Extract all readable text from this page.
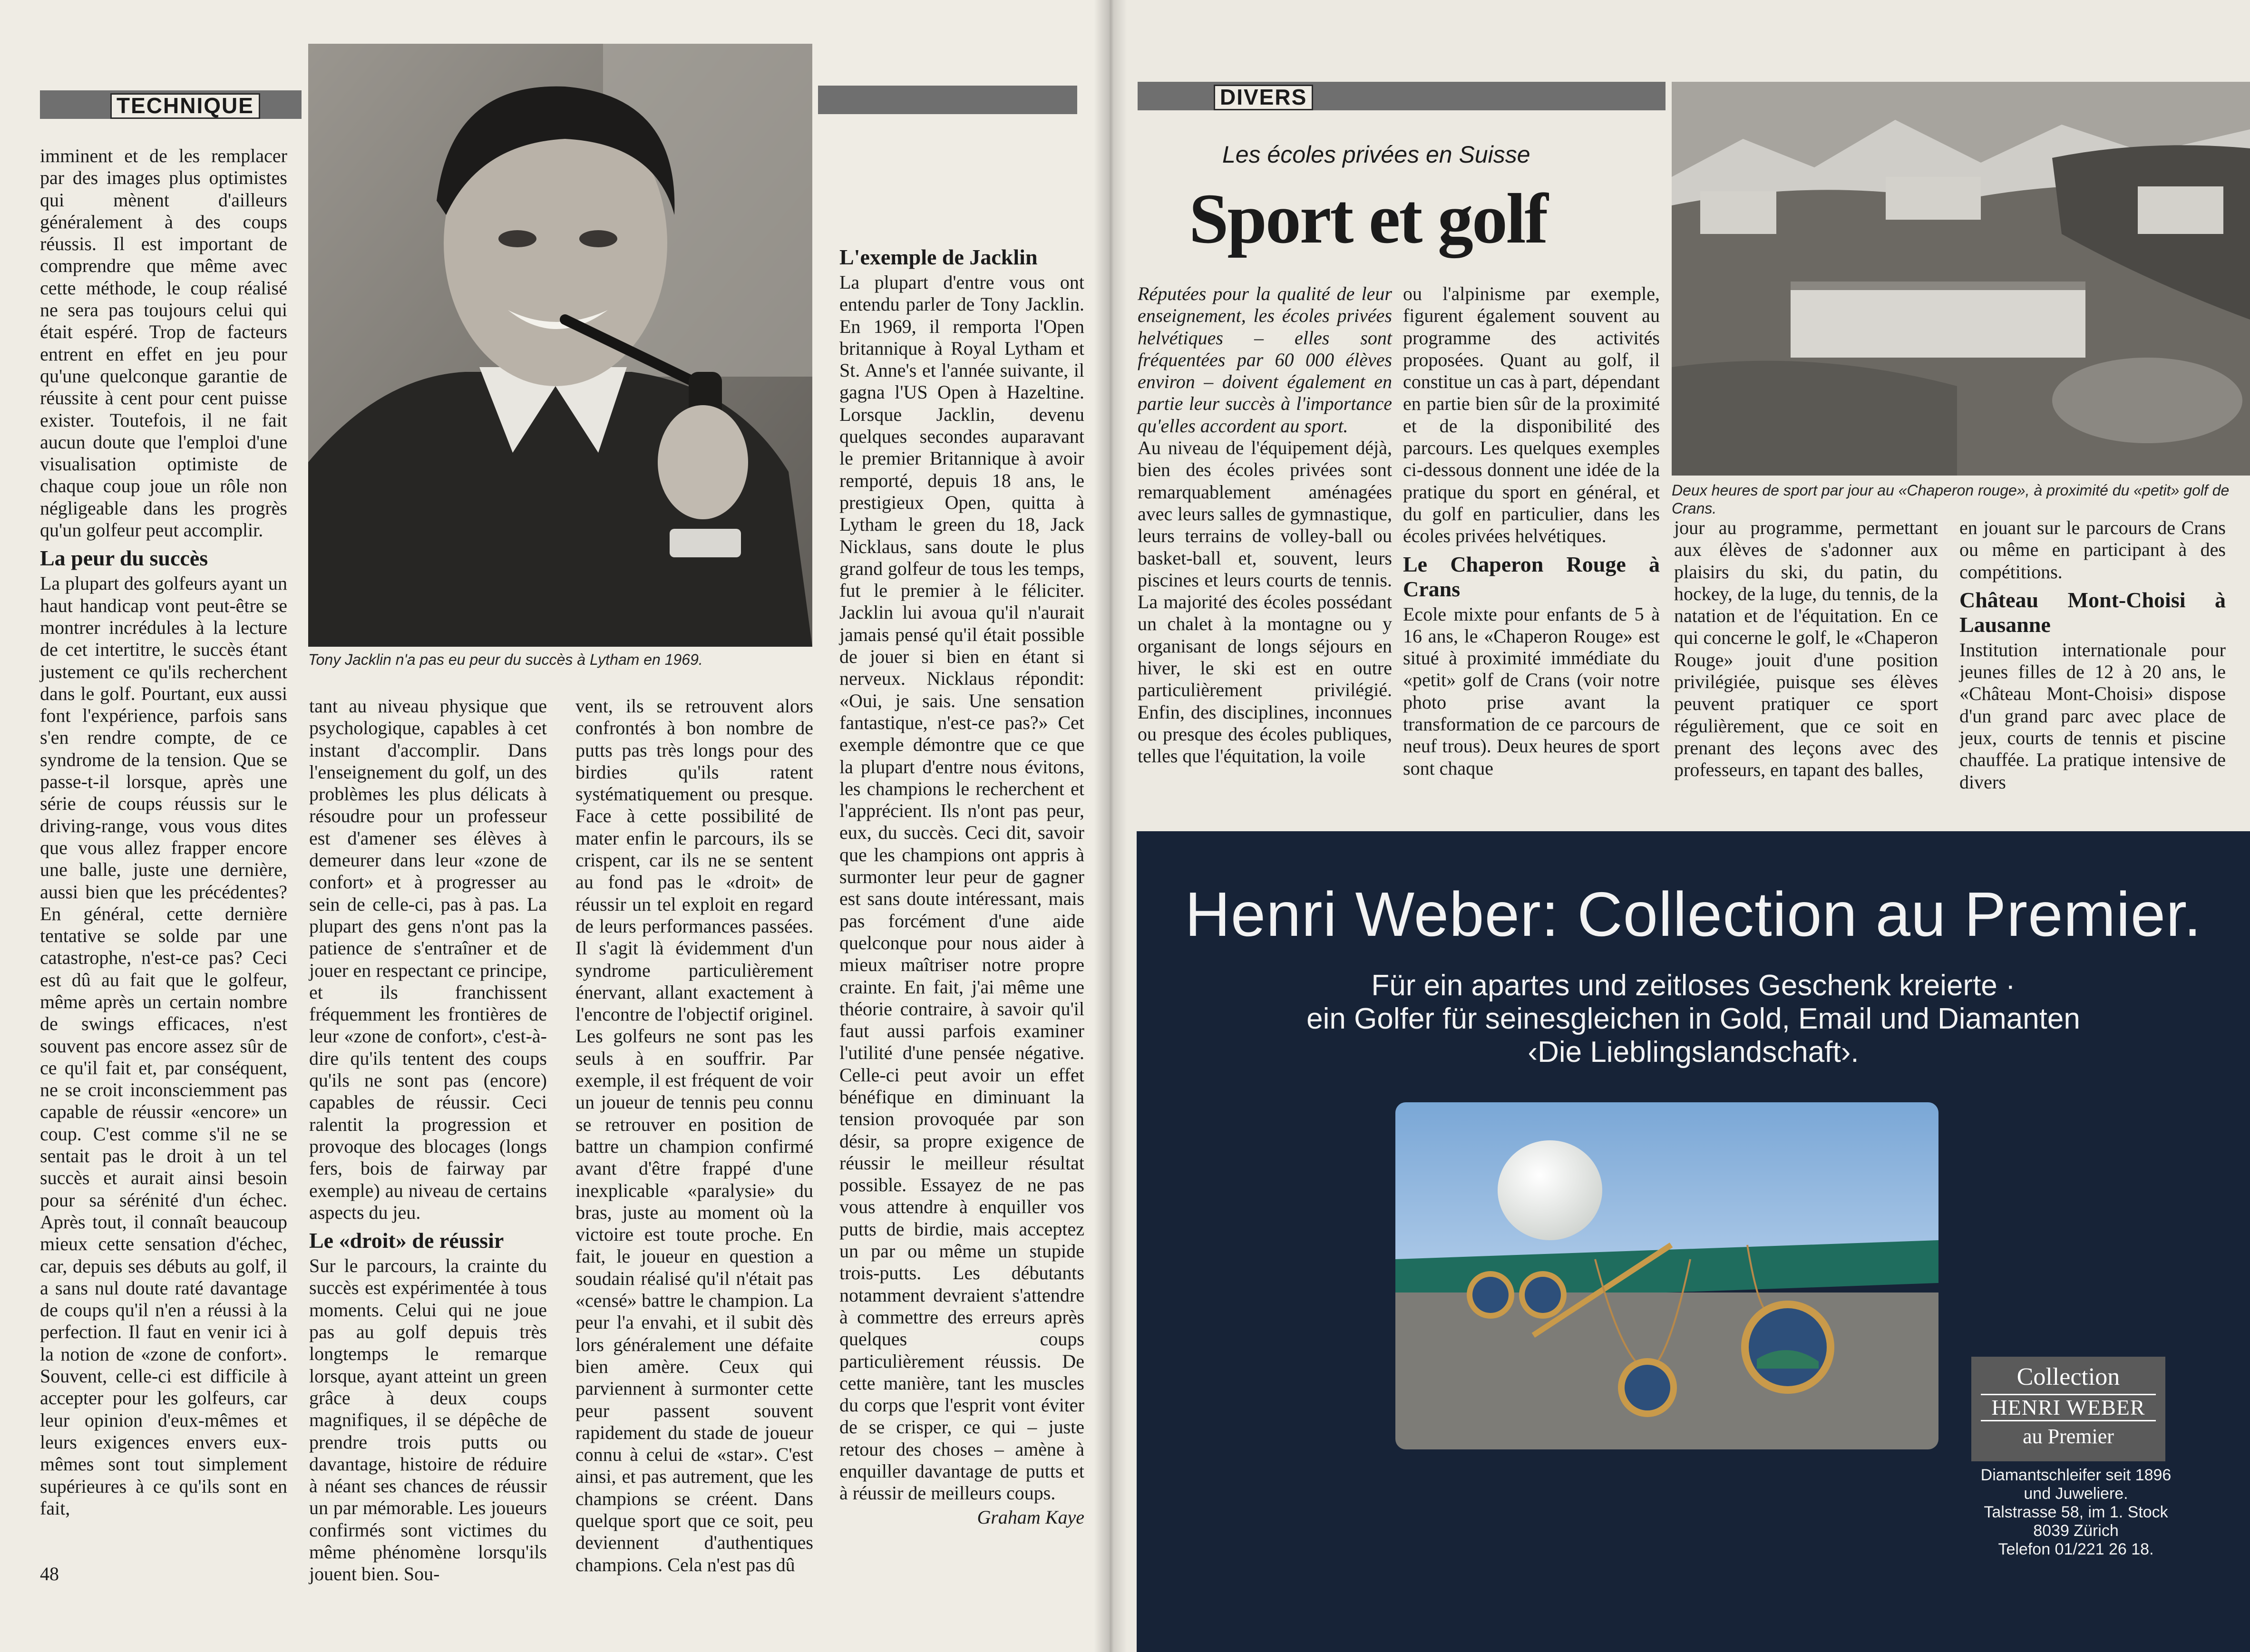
TECHNIQUE

imminent et de les remplacer par des images plus optimistes qui mènent d'ailleurs généralement à des coups réussis. Il est important de comprendre que même avec cette méthode, le coup réalisé ne sera pas toujours celui qui était espéré. Trop de facteurs entrent en effet en jeu pour qu'une quelconque garantie de réussite à cent pour cent puisse exister. Toutefois, il ne fait aucun doute que l'emploi d'une visualisation optimiste de chaque coup joue un rôle non négligeable dans les progrès qu'un golfeur peut accomplir.

La peur du succès

La plupart des golfeurs ayant un haut handicap vont peut-être se montrer incrédules à la lecture de cet intertitre, le succès étant justement ce qu'ils recherchent dans le golf. Pourtant, eux aussi font l'expérience, parfois sans s'en rendre compte, de ce syndrome de la tension. Que se passe-t-il lorsque, après une série de coups réussis sur le driving-range, vous vous dites que vous allez frapper encore une balle, juste une dernière, aussi bien que les précédentes? En général, cette dernière tentative se solde par une catastrophe, n'est-ce pas? Ceci est dû au fait que le golfeur, même après un certain nombre de swings efficaces, n'est souvent pas encore assez sûr de ce qu'il fait et, par conséquent, ne se croit inconsciemment pas capable de réussir «encore» un coup. C'est comme s'il ne se sentait pas le droit à un tel succès et aurait ainsi besoin pour sa sérénité d'un échec. Après tout, il connaît beaucoup mieux cette sensation d'échec, car, depuis ses débuts au golf, il a sans nul doute raté davantage de coups qu'il n'en a réussi à la perfection. Il faut en venir ici à la notion de «zone de confort». Souvent, celle-ci est difficile à accepter pour les golfeurs, car leur opinion d'eux-mêmes et leurs exigences envers eux-mêmes sont tout simplement supérieures à ce qu'ils sont en fait,

Tony Jacklin n'a pas eu peur du succès à Lytham en 1969.

tant au niveau physique que psychologique, capables à cet instant d'accomplir. Dans l'enseignement du golf, un des problèmes les plus délicats à résoudre pour un professeur est d'amener ses élèves à demeurer dans leur «zone de confort» et à progresser au sein de celle-ci, pas à pas. La plupart des gens n'ont pas la patience de s'entraîner et de jouer en respectant ce principe, et ils franchissent fréquemment les frontières de leur «zone de confort», c'est-à-dire qu'ils tentent des coups qu'ils ne sont pas (encore) capables de réussir. Ceci ralentit la progression et provoque des blocages (longs fers, bois de fairway par exemple) au niveau de certains aspects du jeu.

Le «droit» de réussir

Sur le parcours, la crainte du succès est expérimentée à tous moments. Celui qui ne joue pas au golf depuis très longtemps le remarque lorsque, ayant atteint un green grâce à deux coups magnifiques, il se dépêche de prendre trois putts ou davantage, histoire de réduire à néant ses chances de réussir un par mémorable. Les joueurs confirmés sont victimes du même phénomène lorsqu'ils jouent bien. Sou-

vent, ils se retrouvent alors confrontés à bon nombre de putts pas très longs pour des birdies qu'ils ratent systématiquement ou presque. Face à cette possibilité de mater enfin le parcours, ils se crispent, car ils ne se sentent au fond pas le «droit» de réussir un tel exploit en regard de leurs performances passées. Il s'agit là évidemment d'un syndrome particulièrement énervant, allant exactement à l'encontre de l'objectif originel. Les golfeurs ne sont pas les seuls à en souffrir. Par exemple, il est fréquent de voir un joueur de tennis peu connu se retrouver en position de battre un champion confirmé avant d'être frappé d'une inexplicable «paralysie» du bras, juste au moment où la victoire est toute proche. En fait, le joueur en question a soudain réalisé qu'il n'était pas «censé» battre le champion. La peur l'a envahi, et il subit dès lors généralement une défaite bien amère. Ceux qui parviennent à surmonter cette peur passent souvent rapidement du stade de joueur connu à celui de «star». C'est ainsi, et pas autrement, que les champions se créent. Dans quelque sport que ce soit, peu deviennent d'authentiques champions. Cela n'est pas dû

L'exemple de Jacklin

La plupart d'entre vous ont entendu parler de Tony Jacklin. En 1969, il remporta l'Open britannique à Royal Lytham et St. Anne's et l'année suivante, il gagna l'US Open à Hazeltine. Lorsque Jacklin, devenu quelques secondes auparavant le premier Britannique à avoir remporté, depuis 18 ans, le prestigieux Open, quitta à Lytham le green du 18, Jack Nicklaus, sans doute le plus grand golfeur de tous les temps, fut le premier à le féliciter. Jacklin lui avoua qu'il n'aurait jamais pensé qu'il était possible de jouer si bien en étant si nerveux. Nicklaus répondit: «Oui, je sais. Une sensation fantastique, n'est-ce pas?» Cet exemple démontre que ce que la plupart d'entre nous évitons, les champions le recherchent et l'apprécient. Ils n'ont pas peur, eux, du succès. Ceci dit, savoir que les champions ont appris à surmonter leur peur de gagner est sans doute intéressant, mais pas forcément d'une aide quelconque pour nous aider à mieux maîtriser notre propre crainte. En fait, j'ai même une théorie contraire, à savoir qu'il faut aussi parfois examiner l'utilité d'une pensée négative. Celle-ci peut avoir un effet bénéfique en diminuant la tension provoquée par son désir, sa propre exigence de réussir le meilleur résultat possible. Essayez de ne pas vous attendre à enquiller vos putts de birdie, mais acceptez un par ou même un stupide trois-putts. Les débutants notamment devraient s'attendre à commettre des erreurs après quelques coups particulièrement réussis. De cette manière, tant les muscles du corps que l'esprit vont éviter de se crisper, ce qui – juste retour des choses – amène à enquiller davantage de putts et à réussir de meilleurs coups.

Graham Kaye

48
DIVERS
Les écoles privées en Suisse
Sport et golf
Deux heures de sport par jour au «Chaperon rouge», à proximité du «petit» golf de Crans.

Réputées pour la qualité de leur enseignement, les écoles privées helvétiques – elles sont fréquentées par 60 000 élèves environ – doivent également en partie leur succès à l'importance qu'elles accordent au sport.

Au niveau de l'équipement déjà, bien des écoles privées sont remarquablement aménagées avec leurs salles de gymnastique, leurs terrains de volley-ball ou basket-ball et, souvent, leurs piscines et leurs courts de tennis. La majorité des écoles possédant un chalet à la montagne ou y organisant de longs séjours en hiver, le ski est en outre particulièrement privilégié. Enfin, des disciplines, inconnues ou presque des écoles publiques, telles que l'équitation, la voile

ou l'alpinisme par exemple, figurent également souvent au programme des activités proposées. Quant au golf, il constitue un cas à part, dépendant en partie bien sûr de la proximité et de la disponibilité des parcours. Les quelques exemples ci-dessous donnent une idée de la pratique du sport en général, et du golf en particulier, dans les écoles privées helvétiques.

Le Chaperon Rouge à Crans

Ecole mixte pour enfants de 5 à 16 ans, le «Chaperon Rouge» est situé à proximité immédiate du «petit» golf de Crans (voir notre photo prise avant la transformation de ce parcours de neuf trous). Deux heures de sport sont chaque

jour au programme, permettant aux élèves de s'adonner aux plaisirs du ski, du patin, du hockey, de la luge, du tennis, de la natation et de l'équitation. En ce qui concerne le golf, le «Chaperon Rouge» jouit d'une position privilégiée, puisque ses élèves peuvent pratiquer ce sport régulièrement, que ce soit en prenant des leçons avec des professeurs, en tapant des balles,

en jouant sur le parcours de Crans ou même en participant à des compétitions.

Château Mont-Choisi à Lausanne

Institution internationale pour jeunes filles de 12 à 20 ans, le «Château Mont-Choisi» dispose d'un grand parc avec place de jeux, courts de tennis et piscine chauffée. La pratique intensive de divers

Henri Weber: Collection au Premier.
Für ein apartes und zeitloses Geschenk kreierte ·
ein Golfer für seinesgleichen in Gold, Email und Diamanten
‹Die Lieblingslandschaft›.
Collection
HENRI WEBER
au Premier
Diamantschleifer seit 1896
und Juweliere.
Talstrasse 58, im 1. Stock
8039 Zürich
Telefon 01/221 26 18.
